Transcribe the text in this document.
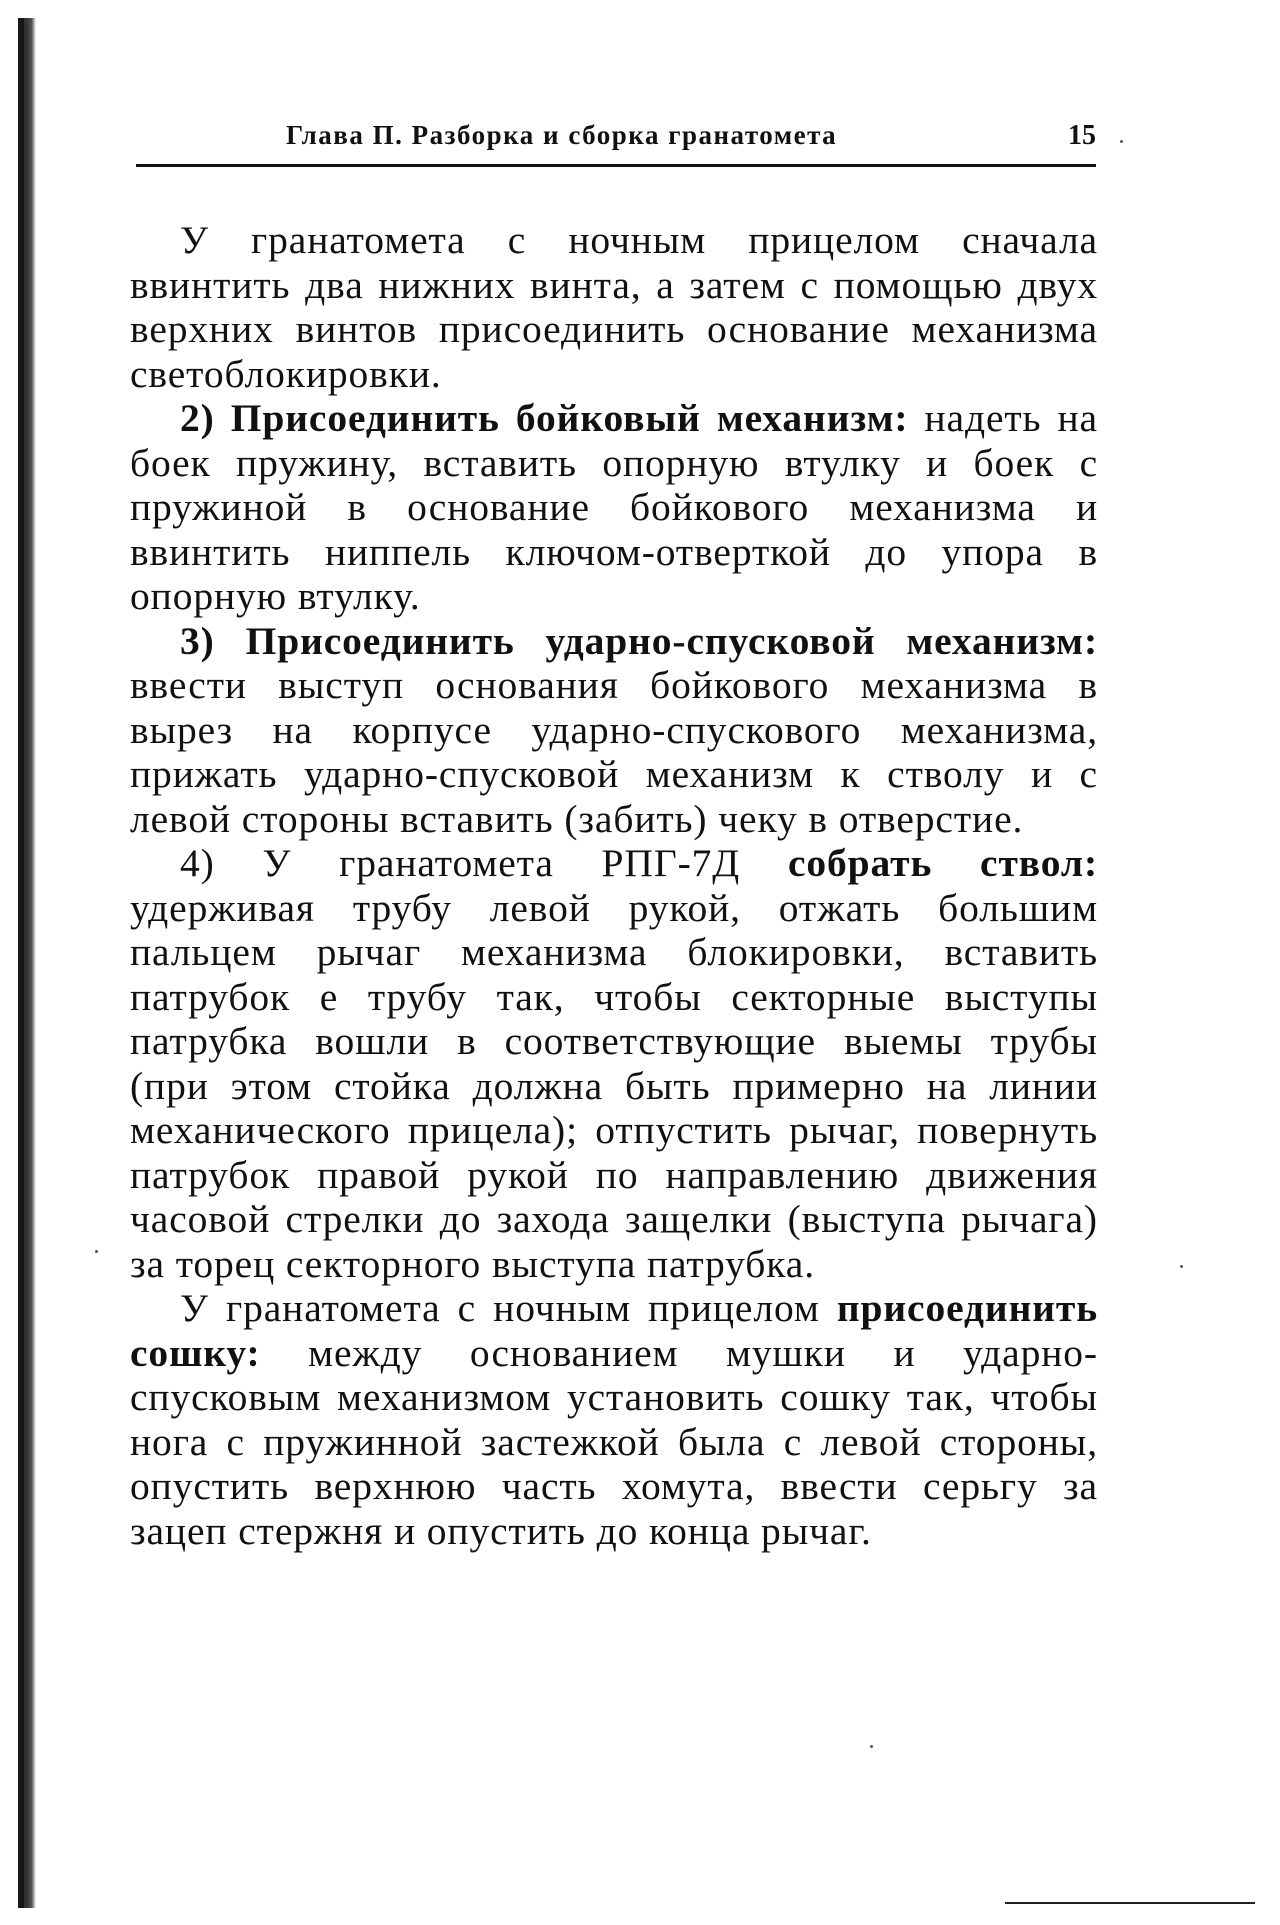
Глава П. Разборка и сборка гранатомета	15

У гранатомета с ночным прицелом сначала ввинтить два нижних винта, а затем с помощью двух верхних винтов присоединить основание механизма светоблокировки.

2) Присоединить бойковый механизм: надеть на боек пружину, вставить опорную втулку и боек с пружиной в основание бойкового механизма и ввинтить ниппель ключом-отверткой до упора в опорную втулку.

3) Присоединить ударно-спусковой механизм: ввести выступ основания бойкового механизма в вырез на корпусе ударно-спускового механизма, прижать ударно-спусковой механизм к стволу и с левой стороны вставить (забить) чеку в отверстие.

4) У гранатомета РПГ-7Д собрать ствол: удерживая трубу левой рукой, отжать большим пальцем рычаг механизма блокировки, вставить патрубок е трубу так, чтобы секторные выступы патрубка вошли в соответствующие выемы трубы (при этом стойка должна быть примерно на линии механического прицела); отпустить рычаг, повернуть патрубок правой рукой по направлению движения часовой стрелки до захода защелки (выступа рычага) за торец секторного выступа патрубка.

У гранатомета с ночным прицелом присоединить сошку: между основанием мушки и ударно-спусковым механизмом установить сошку так, чтобы нога с пружинной застежкой была с левой стороны, опустить верхнюю часть хомута, ввести серьгу за зацеп стержня и опустить до конца рычаг.
